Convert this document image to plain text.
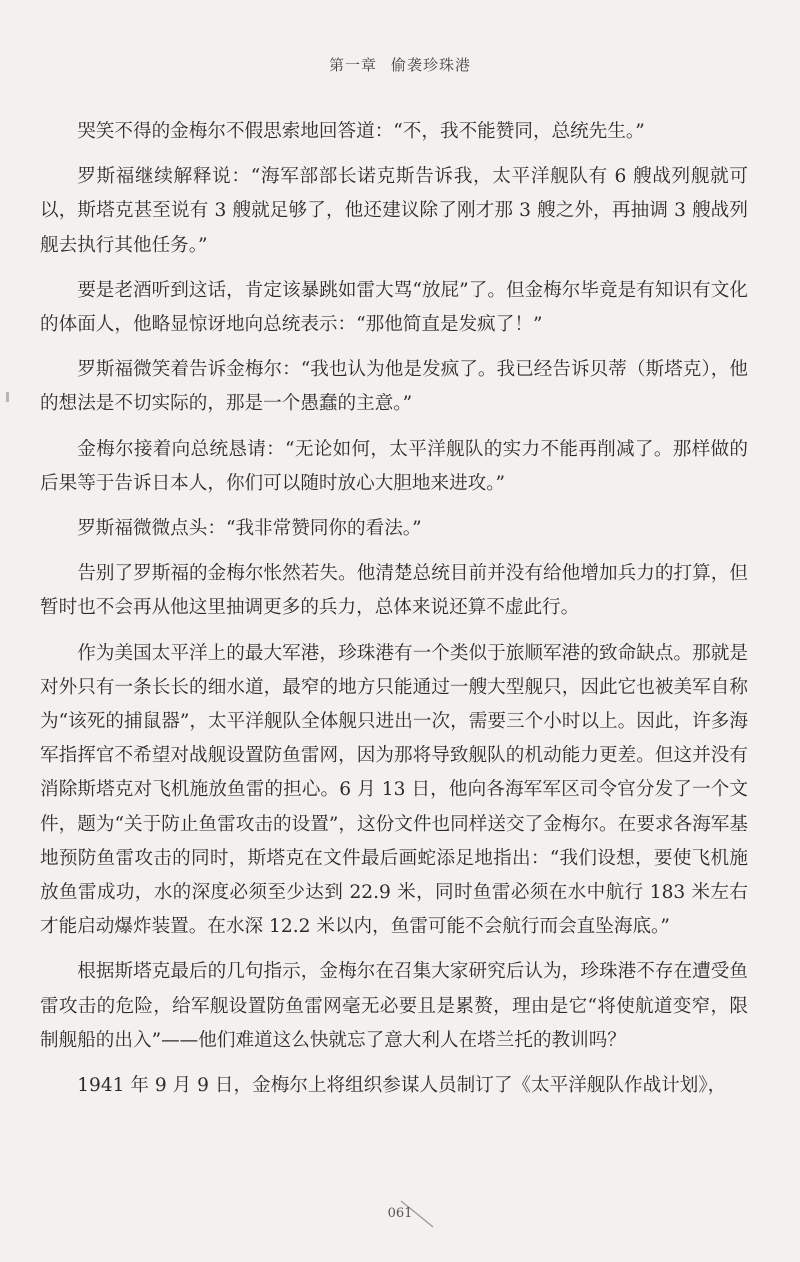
第一章 偷袭珍珠港

哭笑不得的金梅尔不假思索地回答道：“不，我不能赞同，总统先生。”

罗斯福继续解释说：“海军部部长诺克斯告诉我，太平洋舰队有 6 艘战列舰就可以，斯塔克甚至说有 3 艘就足够了，他还建议除了刚才那 3 艘之外，再抽调 3 艘战列舰去执行其他任务。”

要是老酒听到这话，肯定该暴跳如雷大骂“放屁”了。但金梅尔毕竟是有知识有文化的体面人，他略显惊讶地向总统表示：“那他简直是发疯了！”

罗斯福微笑着告诉金梅尔：“我也认为他是发疯了。我已经告诉贝蒂（斯塔克），他的想法是不切实际的，那是一个愚蠢的主意。”

金梅尔接着向总统恳请：“无论如何，太平洋舰队的实力不能再削减了。那样做的后果等于告诉日本人，你们可以随时放心大胆地来进攻。”

罗斯福微微点头：“我非常赞同你的看法。”

告别了罗斯福的金梅尔怅然若失。他清楚总统目前并没有给他增加兵力的打算，但暂时也不会再从他这里抽调更多的兵力，总体来说还算不虚此行。

作为美国太平洋上的最大军港，珍珠港有一个类似于旅顺军港的致命缺点。那就是对外只有一条长长的细水道，最窄的地方只能通过一艘大型舰只，因此它也被美军自称为“该死的捕鼠器”，太平洋舰队全体舰只进出一次，需要三个小时以上。因此，许多海军指挥官不希望对战舰设置防鱼雷网，因为那将导致舰队的机动能力更差。但这并没有消除斯塔克对飞机施放鱼雷的担心。6 月 13 日，他向各海军军区司令官分发了一个文件，题为“关于防止鱼雷攻击的设置”，这份文件也同样送交了金梅尔。在要求各海军基地预防鱼雷攻击的同时，斯塔克在文件最后画蛇添足地指出：“我们设想，要使飞机施放鱼雷成功，水的深度必须至少达到 22.9 米，同时鱼雷必须在水中航行 183 米左右才能启动爆炸装置。在水深 12.2 米以内，鱼雷可能不会航行而会直坠海底。”

根据斯塔克最后的几句指示，金梅尔在召集大家研究后认为，珍珠港不存在遭受鱼雷攻击的危险，给军舰设置防鱼雷网毫无必要且是累赘，理由是它“将使航道变窄，限制舰船的出入”——他们难道这么快就忘了意大利人在塔兰托的教训吗？

1941 年 9 月 9 日，金梅尔上将组织参谋人员制订了《太平洋舰队作战计划》，

061
